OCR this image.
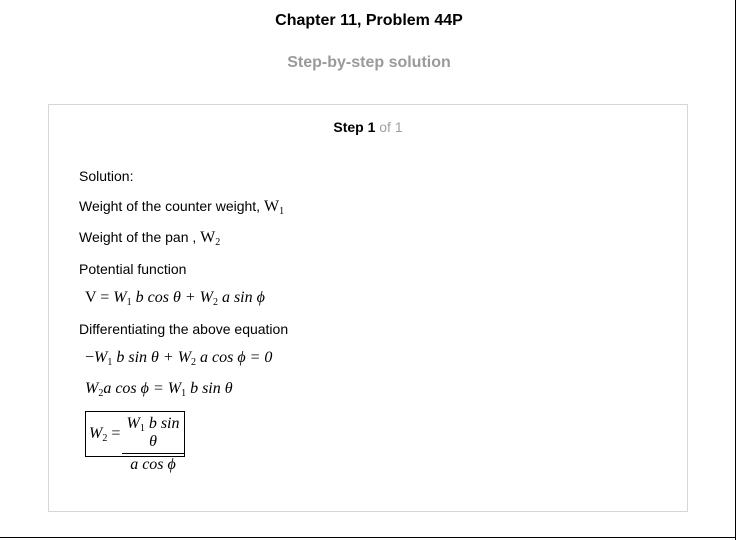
Chapter 11, Problem 44P
Step-by-step solution
Step 1 of 1
Solution:
Weight of the counter weight, $W_1$
Weight of the pan , $W_2$
Potential function
$V = W_1$ b $\cos \theta + W_2$ a sin ϕ
Differentiating the above equation
$-W_1$ b $\sin \theta + W_2$ a cos ϕ = 0
$W_2a$ $\cos \phi = W_1$ b sin θ
$W_2$ =
$W_1$ b sin θ
a cos ϕ
